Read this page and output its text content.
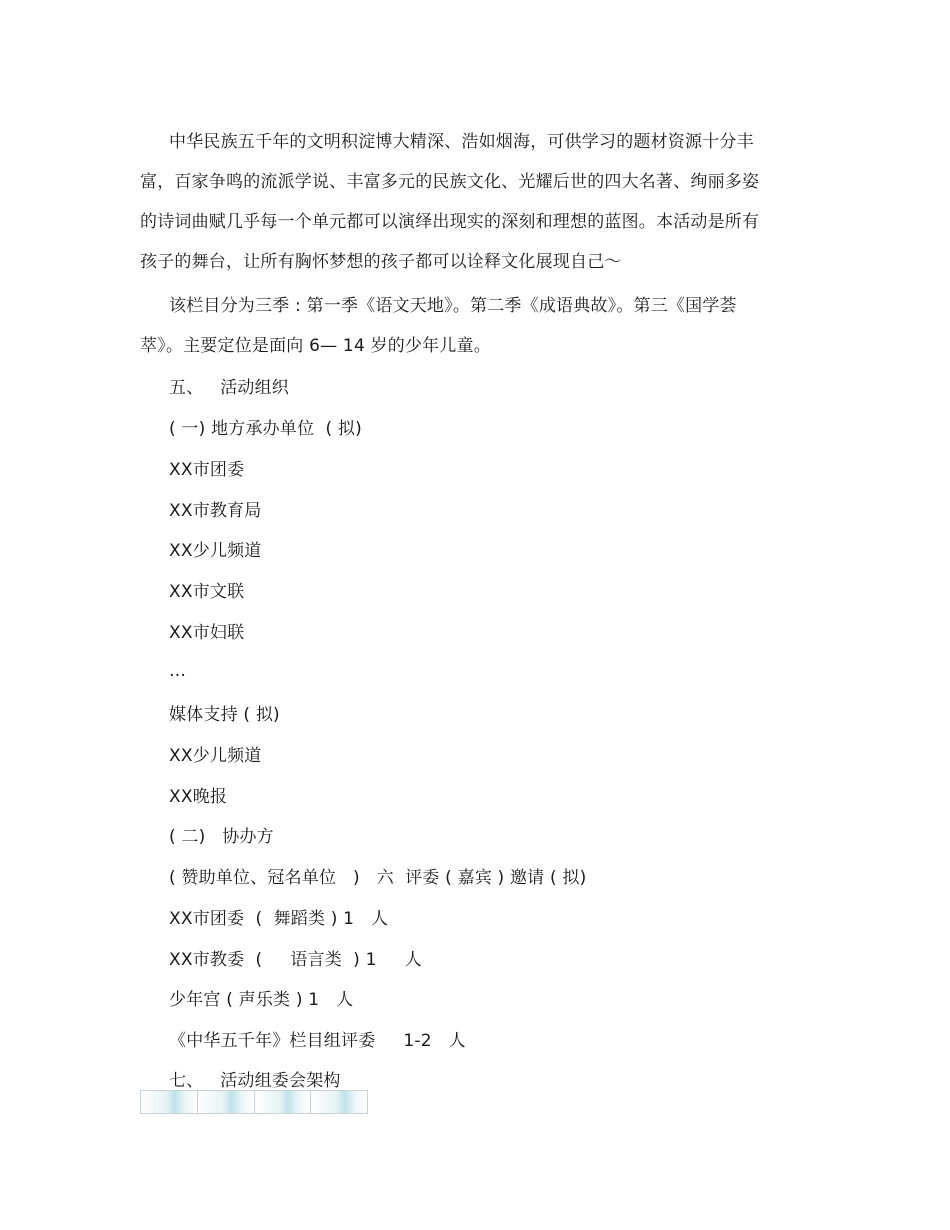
中华民族五千年的文明积淀博大精深、浩如烟海，可供学习的题材资源十分丰富，百家争鸣的流派学说、丰富多元的民族文化、光耀后世的四大名著、绚丽多姿的诗词曲赋几乎每一个单元都可以演绎出现实的深刻和理想的蓝图。本活动是所有孩子的舞台，让所有胸怀梦想的孩子都可以诠释文化展现自己～

该栏目分为三季 : 第一季《语文天地》。第二季《成语典故》。第三《国学荟萃》。主要定位是面向 6— 14 岁的少年儿童。

五、   活动组织

( 一) 地方承办单位  ( 拟)

XX市团委

XX市教育局

XX少儿频道

XX市文联

XX市妇联

…

媒体支持 ( 拟)

XX少儿频道

XX晚报

( 二)   协办方

( 赞助单位、冠名单位   )   六  评委 ( 嘉宾 ) 邀请 ( 拟)

XX市团委  (  舞蹈类 ) 1   人

XX市教委  (     语言类  ) 1     人

少年宫 ( 声乐类 ) 1   人

《中华五千年》栏目组评委     1-2   人

七、   活动组委会架构
